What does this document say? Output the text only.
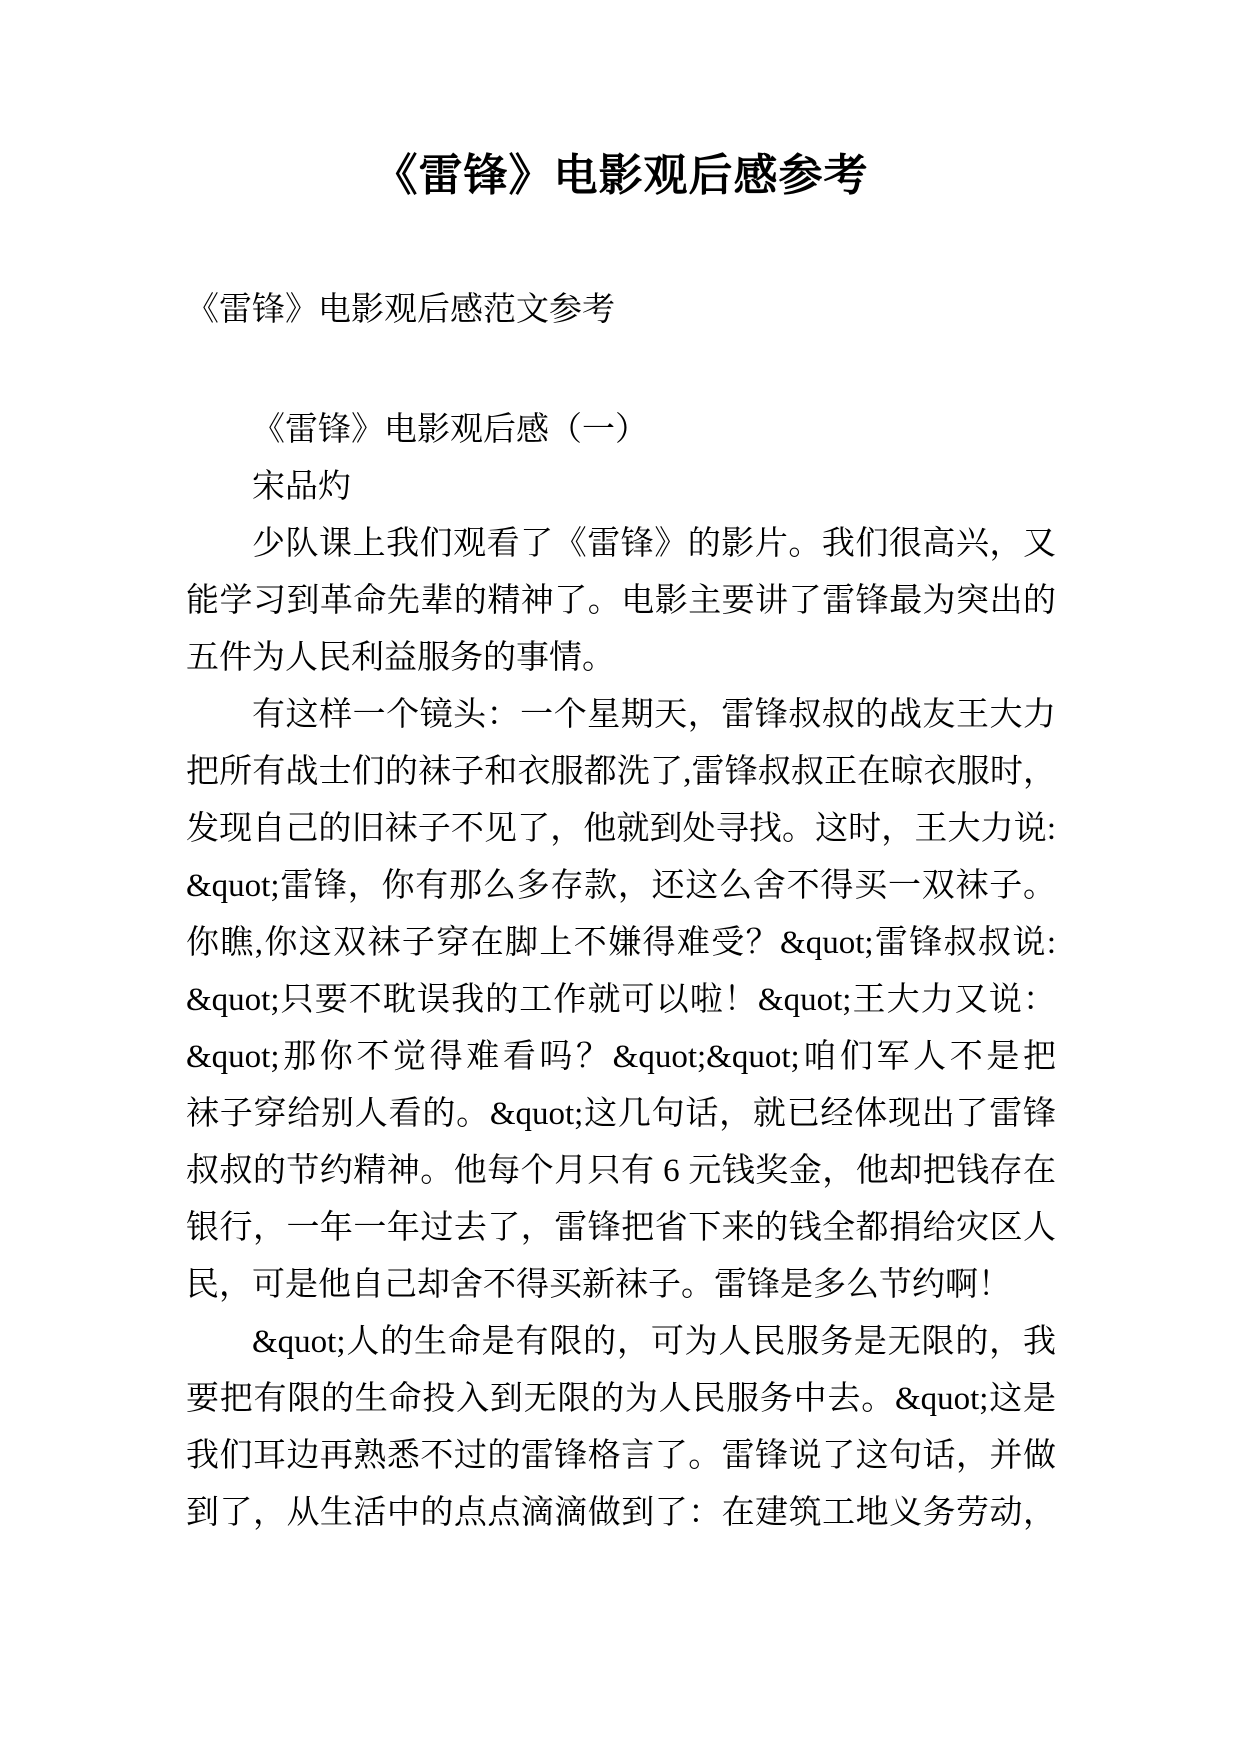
《雷锋》电影观后感参考

《雷锋》电影观后感范文参考

《雷锋》电影观后感（一）
宋品灼
少队课上我们观看了《雷锋》的影片。我们很高兴，又
能学习到革命先辈的精神了。电影主要讲了雷锋最为突出的
五件为人民利益服务的事情。
有这样一个镜头：一个星期天，雷锋叔叔的战友王大力
把所有战士们的袜子和衣服都洗了,雷锋叔叔正在晾衣服时，
发现自己的旧袜子不见了，他就到处寻找。这时，王大力说:
&quot;雷锋，你有那么多存款，还这么舍不得买一双袜子。
你瞧,你这双袜子穿在脚上不嫌得难受？&quot;雷锋叔叔说:
&quot;只要不耽误我的工作就可以啦！&quot;王大力又说：
&quot;那你不觉得难看吗？&quot;&quot;咱们军人不是把
袜子穿给别人看的。&quot;这几句话，就已经体现出了雷锋
叔叔的节约精神。他每个月只有 6 元钱奖金，他却把钱存在
银行，一年一年过去了，雷锋把省下来的钱全都捐给灾区人
民，可是他自己却舍不得买新袜子。雷锋是多么节约啊！
&quot;人的生命是有限的，可为人民服务是无限的，我
要把有限的生命投入到无限的为人民服务中去。&quot;这是
我们耳边再熟悉不过的雷锋格言了。雷锋说了这句话，并做
到了，从生活中的点点滴滴做到了：在建筑工地义务劳动，
